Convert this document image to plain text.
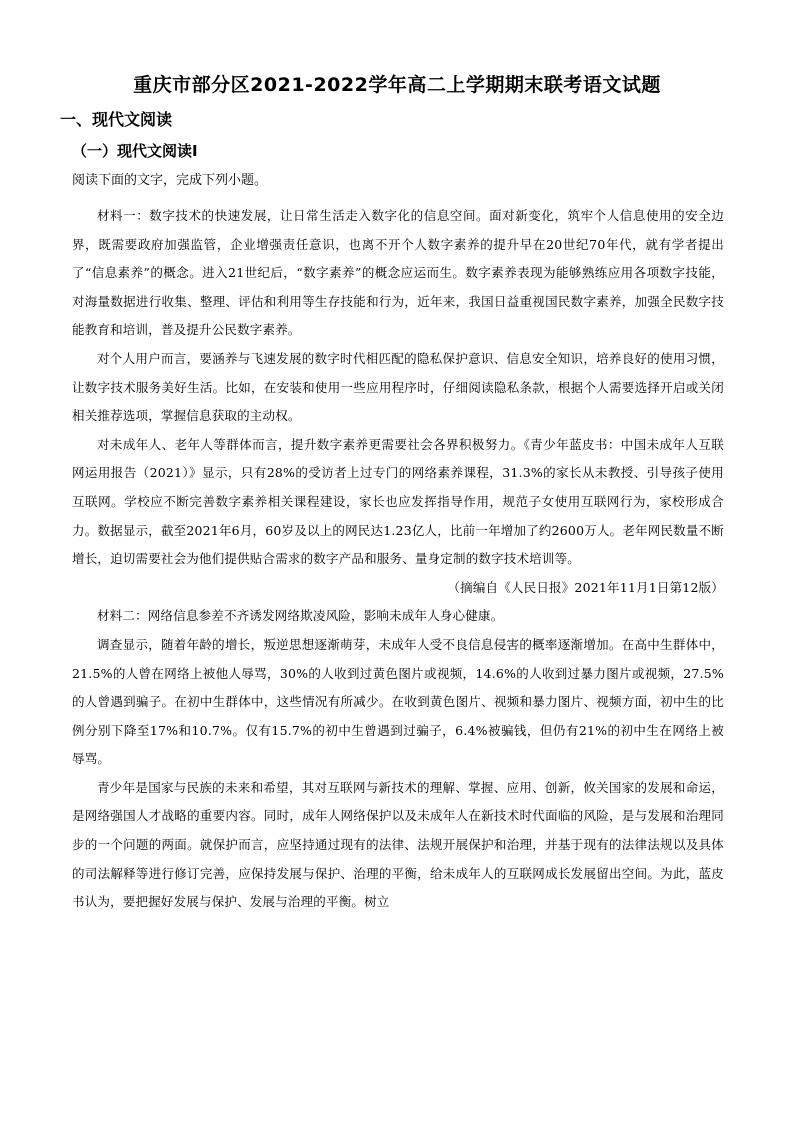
重庆市部分区2021-2022学年高二上学期期末联考语文试题
一、现代文阅读
（一）现代文阅读Ⅰ
阅读下面的文字，完成下列小题。

材料一：数字技术的快速发展，让日常生活走入数字化的信息空间。面对新变化，筑牢个人信息使用的安全边界，既需要政府加强监管，企业增强责任意识，也离不开个人数字素养的提升早在20世纪70年代，就有学者提出了“信息素养”的概念。进入21世纪后，“数字素养”的概念应运而生。数字素养表现为能够熟练应用各项数字技能，对海量数据进行收集、整理、评估和利用等生存技能和行为，近年来，我国日益重视国民数字素养，加强全民数字技能教育和培训，普及提升公民数字素养。

对个人用户而言，要涵养与飞速发展的数字时代相匹配的隐私保护意识、信息安全知识，培养良好的使用习惯，让数字技术服务美好生活。比如，在安装和使用一些应用程序时，仔细阅读隐私条款，根据个人需要选择开启或关闭相关推荐选项，掌握信息获取的主动权。

对未成年人、老年人等群体而言，提升数字素养更需要社会各界积极努力。《青少年蓝皮书：中国未成年人互联网运用报告（2021）》显示，只有28%的受访者上过专门的网络素养课程，31.3%的家长从未教授、引导孩子使用互联网。学校应不断完善数字素养相关课程建设，家长也应发挥指导作用，规范子女使用互联网行为，家校形成合力。数据显示，截至2021年6月，60岁及以上的网民达1.23亿人，比前一年增加了约2600万人。老年网民数量不断增长，迫切需要社会为他们提供贴合需求的数字产品和服务、量身定制的数字技术培训等。

（摘编自《人民日报》2021年11月1日第12版）

材料二：网络信息参差不齐诱发网络欺凌风险，影响未成年人身心健康。

调查显示，随着年龄的增长，叛逆思想逐渐萌芽，未成年人受不良信息侵害的概率逐渐增加。在高中生群体中，21.5%的人曾在网络上被他人辱骂，30%的人收到过黄色图片或视频，14.6%的人收到过暴力图片或视频，27.5%的人曾遇到骗子。在初中生群体中，这些情况有所减少。在收到黄色图片、视频和暴力图片、视频方面，初中生的比例分别下降至17%和10.7%。仅有15.7%的初中生曾遇到过骗子，6.4%被骗钱，但仍有21%的初中生在网络上被辱骂。

青少年是国家与民族的未来和希望，其对互联网与新技术的理解、掌握、应用、创新，攸关国家的发展和命运，是网络强国人才战略的重要内容。同时，成年人网络保护以及未成年人在新技术时代面临的风险，是与发展和治理同步的一个问题的两面。就保护而言，应坚持通过现有的法律、法规开展保护和治理，并基于现有的法律法规以及具体的司法解释等进行修订完善，应保持发展与保护、治理的平衡，给未成年人的互联网成长发展留出空间。为此，蓝皮书认为，要把握好发展与保护、发展与治理的平衡。树立
